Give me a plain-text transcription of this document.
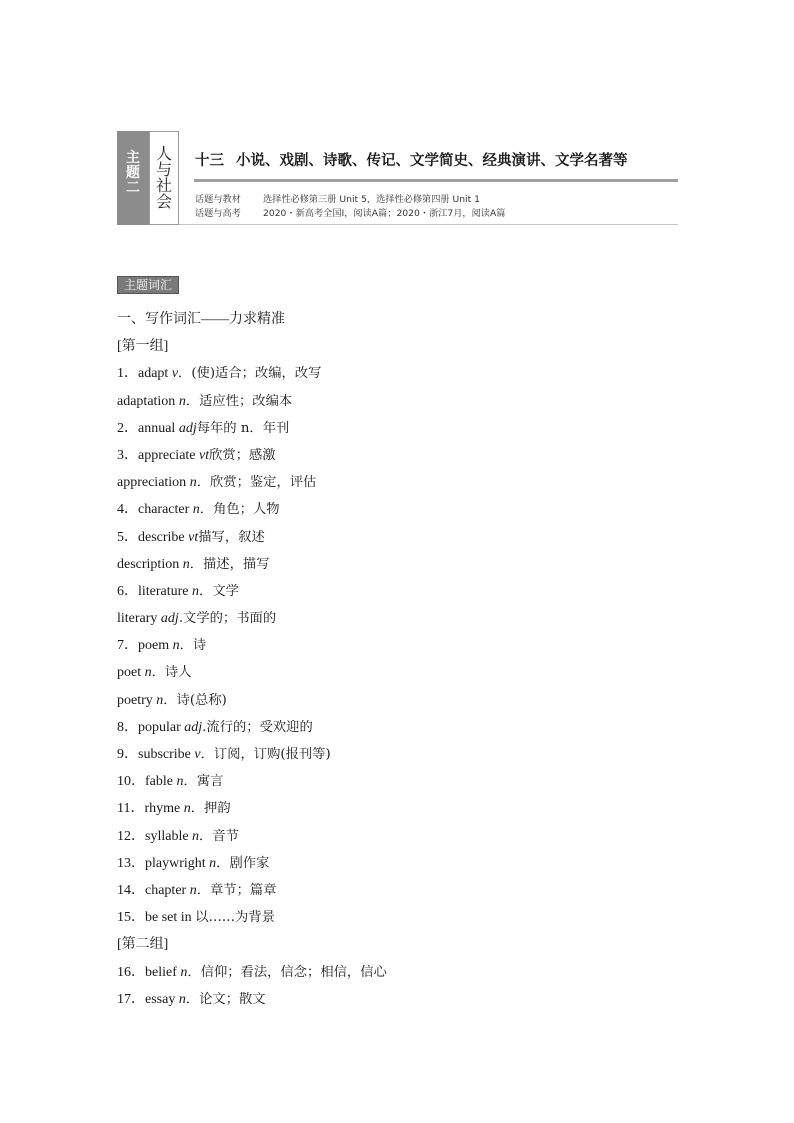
主
题
二
人
与
社
会
十三 小说、戏剧、诗歌、传记、文学简史、经典演讲、文学名著等
话题与教材 选择性必修第三册 Unit 5，选择性必修第四册 Unit 1
话题与高考 2020・新高考全国Ⅰ，阅读A篇；2020・浙江7月，阅读A篇
主题词汇
一、写作词汇——力求精准
[第一组]
1．adapt v．(使)适合；改编，改写
adaptation n．适应性；改编本
2．annual adj每年的 n．年刊
3．appreciate vt欣赏；感激
appreciation n．欣赏；鉴定，评估
4．character n．角色；人物
5．describe vt描写，叙述
description n．描述，描写
6．literature n．文学
literary adj.文学的；书面的
7．poem n．诗
poet n．诗人
poetry n．诗(总称)
8．popular adj.流行的；受欢迎的
9．subscribe v．订阅，订购(报刊等)
10．fable n．寓言
11．rhyme n．押韵
12．syllable n．音节
13．playwright n．剧作家
14．chapter n．章节；篇章
15．be set in 以……为背景
[第二组]
16．belief n．信仰；看法，信念；相信，信心
17．essay n．论文；散文
